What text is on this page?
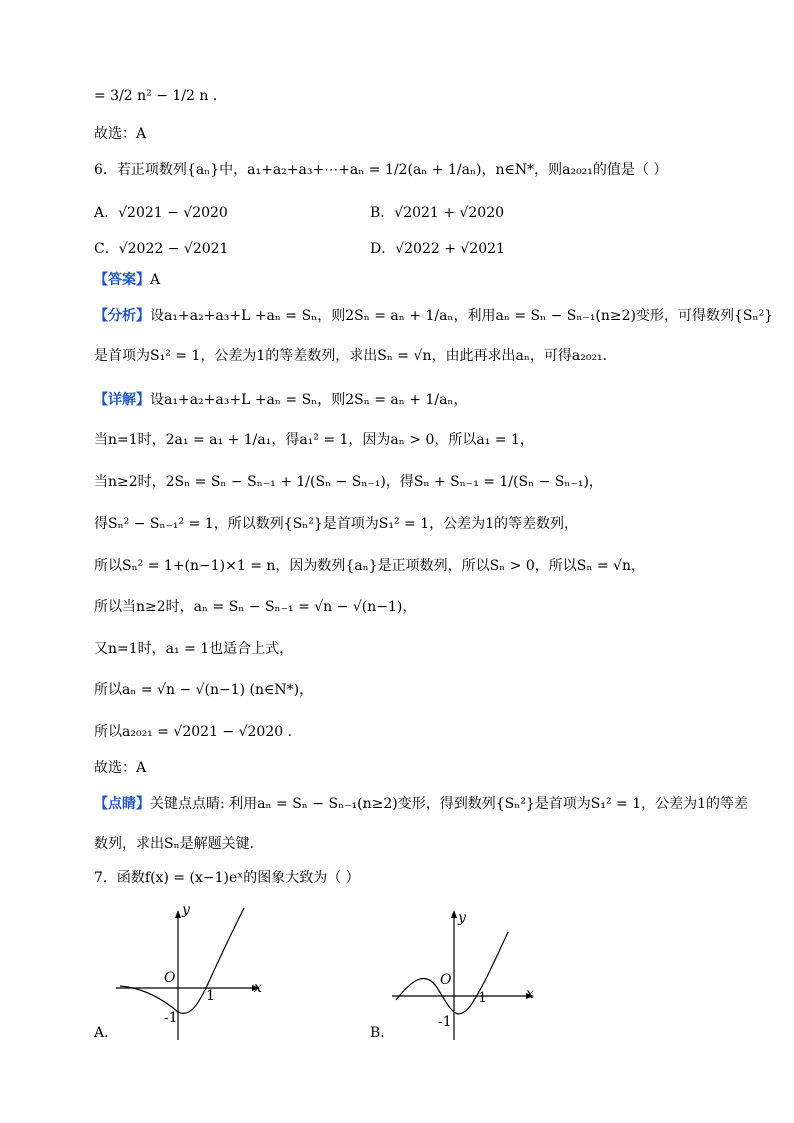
= 3/2 n² − 1/2 n .
故选：A
6．若正项数列{aₙ}中，a₁+a₂+a₃+⋯+aₙ = 1/2(aₙ + 1/aₙ)，n∈N*，则a₂₀₂₁的值是（ ）
A．√2021 − √2020	B．√2021 + √2020
C．√2022 − √2021	D．√2022 + √2021
【答案】A
【分析】设a₁+a₂+a₃+L +aₙ = Sₙ，则2Sₙ = aₙ + 1/aₙ，利用aₙ = Sₙ − Sₙ₋₁(n≥2)变形，可得数列{Sₙ²}
是首项为S₁² = 1，公差为1的等差数列，求出Sₙ = √n，由此再求出aₙ，可得a₂₀₂₁.
【详解】设a₁+a₂+a₃+L +aₙ = Sₙ，则2Sₙ = aₙ + 1/aₙ，
当n=1时，2a₁ = a₁ + 1/a₁，得a₁² = 1，因为aₙ > 0，所以a₁ = 1，
当n≥2时，2Sₙ = Sₙ − Sₙ₋₁ + 1/(Sₙ − Sₙ₋₁)，得Sₙ + Sₙ₋₁ = 1/(Sₙ − Sₙ₋₁)，
得Sₙ² − Sₙ₋₁² = 1，所以数列{Sₙ²}是首项为S₁² = 1，公差为1的等差数列，
所以Sₙ² = 1+(n−1)×1 = n，因为数列{aₙ}是正项数列，所以Sₙ > 0，所以Sₙ = √n，
所以当n≥2时，aₙ = Sₙ − Sₙ₋₁ = √n − √(n−1)，
又n=1时，a₁ = 1也适合上式，
所以aₙ = √n − √(n−1) (n∈N*)，
所以a₂₀₂₁ = √2021 − √2020 .
故选：A
【点睛】关键点点睛: 利用aₙ = Sₙ − Sₙ₋₁(n≥2)变形，得到数列{Sₙ²}是首项为S₁² = 1，公差为1的等差
数列，求出Sₙ是解题关键.
7．函数f(x) = (x−1)eˣ的图象大致为（ ）
y
O
x
1
-1
A．
y
O
x
1
-1
B．
